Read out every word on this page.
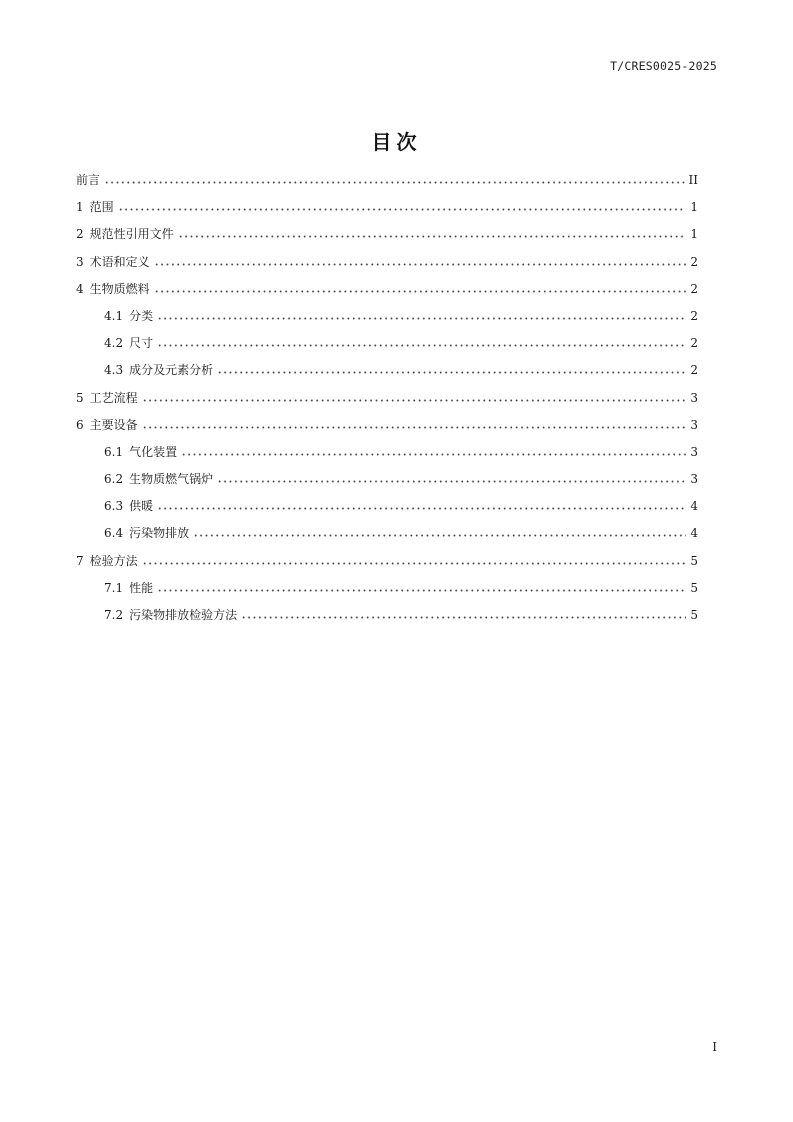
T/CRES0025-2025
目次
前言	II
1 范围	1
2 规范性引用文件	1
3 术语和定义	2
4 生物质燃料	2
4.1 分类	2
4.2 尺寸	2
4.3 成分及元素分析	2
5 工艺流程	3
6 主要设备	3
6.1 气化装置	3
6.2 生物质燃气锅炉	3
6.3 供暖	4
6.4 污染物排放	4
7 检验方法	5
7.1 性能	5
7.2 污染物排放检验方法	5
I
